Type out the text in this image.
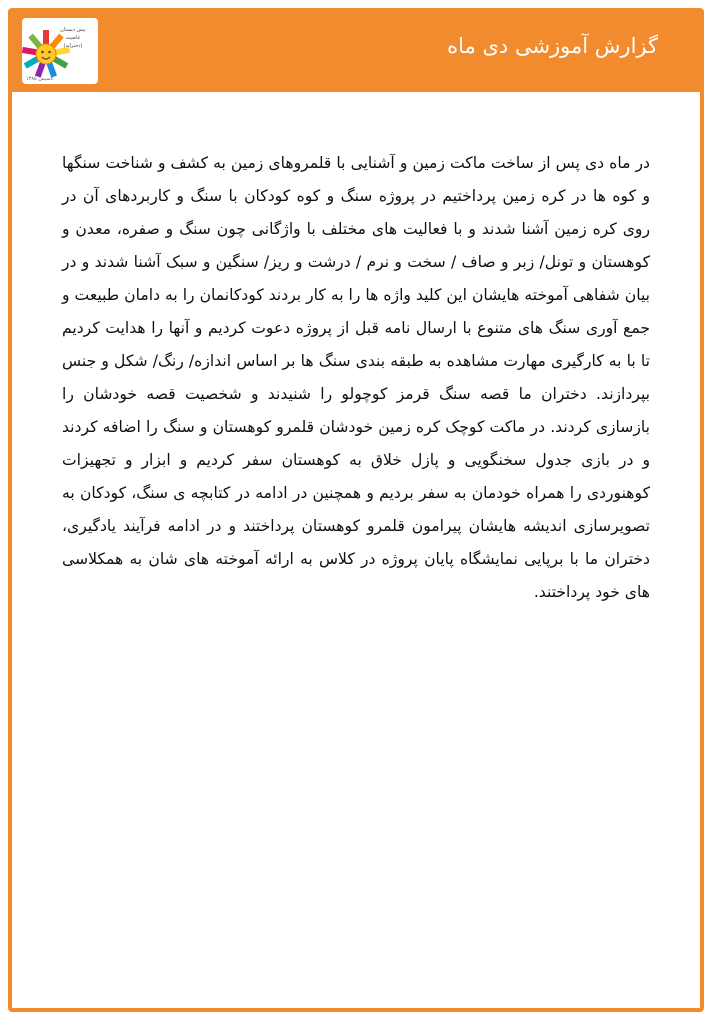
پیش دبستان
عاصیت
(دخترانه)
تاسیس ۱۳۸۵
گزارش آموزشی دی ماه

در ماه دی پس از ساخت ماکت زمین و آشنایی با قلمروهای زمین به کشف و شناخت سنگها و کوه ها در کره زمین پرداختیم در پروژه سنگ و کوه کودکان با سنگ و کاربردهای آن در روی کره زمین آشنا شدند و با فعالیت های مختلف با واژگانی چون سنگ و صفره، معدن و کوهستان و تونل/ زبر و صاف / سخت و نرم / درشت و ریز/ سنگین و سبک آشنا شدند و در بیان شفاهی آموخته هایشان این کلید واژه ها را به کار بردند کودکانمان را به دامان طبیعت و جمع آوری سنگ های متنوع با ارسال نامه قبل از پروژه دعوت کردیم و آنها را هدایت کردیم تا با به کارگیری مهارت مشاهده به طبقه بندی سنگ ها بر اساس اندازه/ رنگ/ شکل و جنس بپردازند. دختران ما قصه سنگ قرمز کوچولو را شنیدند و شخصیت قصه خودشان را بازسازی کردند. در ماکت کوچک کره زمین خودشان قلمرو کوهستان و سنگ را اضافه کردند و در بازی جدول سخنگویی و پازل خلاق به کوهستان سفر کردیم و ابزار و تجهیزات کوهنوردی را همراه خودمان به سفر بردیم و همچنین در ادامه در کتابچه ی سنگ، کودکان به تصویرسازی اندیشه هایشان پیرامون قلمرو کوهستان پرداختند و در ادامه فرآیند یادگیری، دختران ما با برپایی نمایشگاه پایان پروژه در کلاس به ارائه آموخته های شان به همکلاسی های خود پرداختند.
